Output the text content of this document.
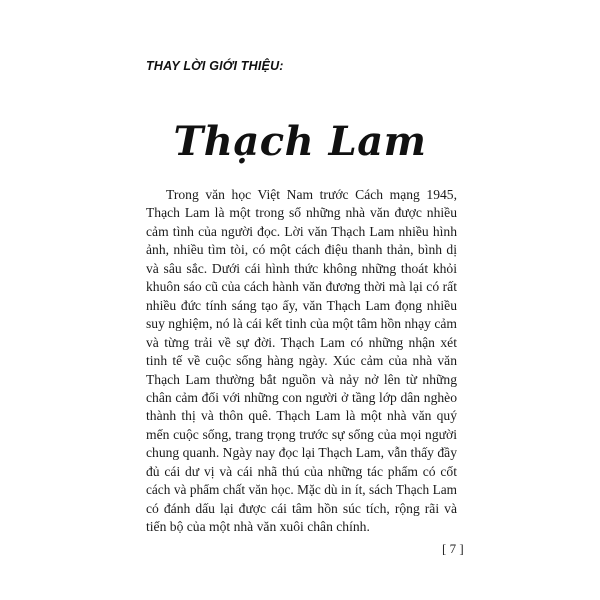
THAY LỜI GIỚI THIỆU:

Thạch Lam
Trong văn học Việt Nam trước Cách mạng 1945,
Thạch Lam là một trong số những nhà văn được nhiều
cảm tình của người đọc. Lời văn Thạch Lam nhiều hình
ảnh, nhiều tìm tòi, có một cách điệu thanh thản, bình dị
và sâu sắc. Dưới cái hình thức không những thoát khỏi
khuôn sáo cũ của cách hành văn đương thời mà lại có rất
nhiều đức tính sáng tạo ấy, văn Thạch Lam đọng nhiều
suy nghiệm, nó là cái kết tinh của một tâm hồn nhạy cảm
và từng trải về sự đời. Thạch Lam có những nhận xét
tinh tế về cuộc sống hàng ngày. Xúc cảm của nhà văn
Thạch Lam thường bắt nguồn và nảy nở lên từ những
chân cảm đối với những con người ở tầng lớp dân nghèo
thành thị và thôn quê. Thạch Lam là một nhà văn quý
mến cuộc sống, trang trọng trước sự sống của mọi người
chung quanh. Ngày nay đọc lại Thạch Lam, vẫn thấy đầy
đủ cái dư vị và cái nhã thú của những tác phẩm có cốt
cách và phẩm chất văn học. Mặc dù in ít, sách Thạch Lam
có đánh dấu lại được cái tâm hồn súc tích, rộng rãi và
tiến bộ của một nhà văn xuôi chân chính.

[ 7 ]
